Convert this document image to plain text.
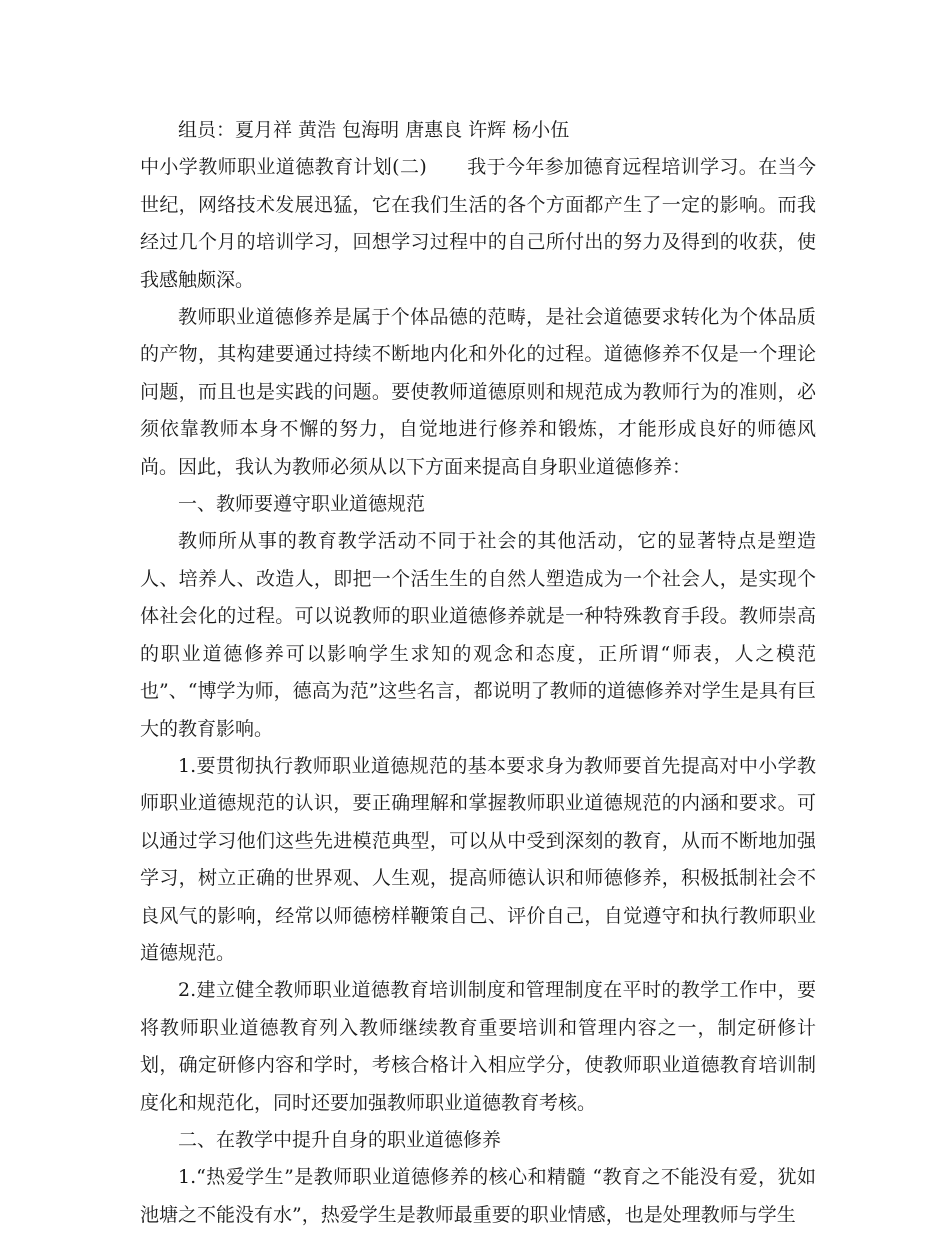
组员：夏月祥 黄浩 包海明 唐惠良 许辉 杨小伍

中小学教师职业道德教育计划(二) 我于今年参加德育远程培训学习。在当今世纪，网络技术发展迅猛，它在我们生活的各个方面都产生了一定的影响。而我经过几个月的培训学习，回想学习过程中的自己所付出的努力及得到的收获，使我感触颇深。

教师职业道德修养是属于个体品德的范畴，是社会道德要求转化为个体品质的产物，其构建要通过持续不断地内化和外化的过程。道德修养不仅是一个理论问题，而且也是实践的问题。要使教师道德原则和规范成为教师行为的准则，必须依靠教师本身不懈的努力，自觉地进行修养和锻炼，才能形成良好的师德风尚。因此，我认为教师必须从以下方面来提高自身职业道德修养：

一、教师要遵守职业道德规范

教师所从事的教育教学活动不同于社会的其他活动，它的显著特点是塑造人、培养人、改造人，即把一个活生生的自然人塑造成为一个社会人，是实现个体社会化的过程。可以说教师的职业道德修养就是一种特殊教育手段。教师崇高的职业道德修养可以影响学生求知的观念和态度，正所谓“师表，人之模范也”、“博学为师，德高为范”这些名言，都说明了教师的道德修养对学生是具有巨大的教育影响。

1.要贯彻执行教师职业道德规范的基本要求身为教师要首先提高对中小学教师职业道德规范的认识，要正确理解和掌握教师职业道德规范的内涵和要求。可以通过学习他们这些先进模范典型，可以从中受到深刻的教育，从而不断地加强学习，树立正确的世界观、人生观，提高师德认识和师德修养，积极抵制社会不良风气的影响，经常以师德榜样鞭策自己、评价自己，自觉遵守和执行教师职业道德规范。

2.建立健全教师职业道德教育培训制度和管理制度在平时的教学工作中，要将教师职业道德教育列入教师继续教育重要培训和管理内容之一，制定研修计划，确定研修内容和学时，考核合格计入相应学分，使教师职业道德教育培训制度化和规范化，同时还要加强教师职业道德教育考核。

二、在教学中提升自身的职业道德修养

1.“热爱学生”是教师职业道德修养的核心和精髓 “教育之不能没有爱，犹如池塘之不能没有水”，热爱学生是教师最重要的职业情感，也是处理教师与学生
